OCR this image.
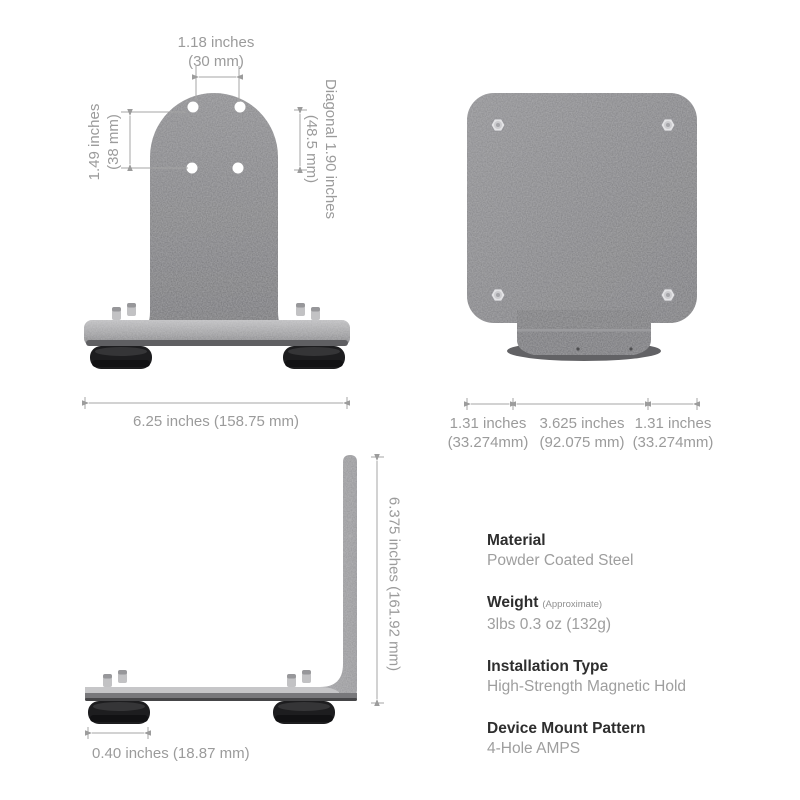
1.18 inches
(30 mm)
1.49 inches (38 mm)	Diagonal 1.90 inches
(48.5 mm)
6.25 inches (158.75 mm)	1.31 inches
(33.274mm)
3.625 inches
(92.075 mm)
1.31 inches
(33.274mm)
6.375 inches (161.92 mm)
0.40 inches (18.87 mm)
Material
Powder Coated Steel
Weight (Approximate)
3lbs 0.3 oz (132g)
Installation Type
High-Strength Magnetic Hold
Device Mount Pattern
4-Hole AMPS
